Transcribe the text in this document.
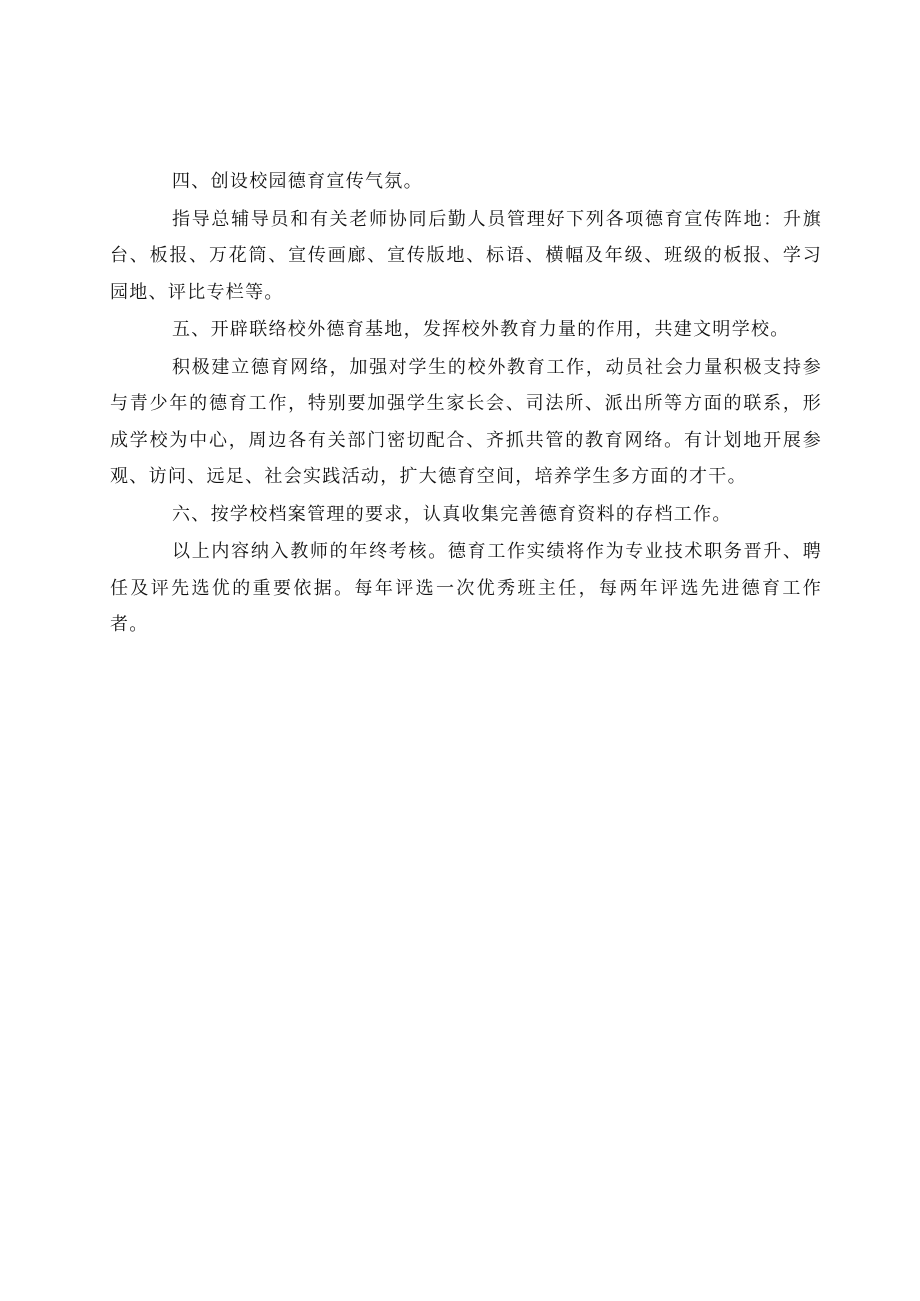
四、创设校园德育宣传气氛。

指导总辅导员和有关老师协同后勤人员管理好下列各项德育宣传阵地：升旗台、板报、万花筒、宣传画廊、宣传版地、标语、横幅及年级、班级的板报、学习园地、评比专栏等。

五、开辟联络校外德育基地，发挥校外教育力量的作用，共建文明学校。

积极建立德育网络，加强对学生的校外教育工作，动员社会力量积极支持参与青少年的德育工作，特别要加强学生家长会、司法所、派出所等方面的联系，形成学校为中心，周边各有关部门密切配合、齐抓共管的教育网络。有计划地开展参观、访问、远足、社会实践活动，扩大德育空间，培养学生多方面的才干。

六、按学校档案管理的要求，认真收集完善德育资料的存档工作。

以上内容纳入教师的年终考核。德育工作实绩将作为专业技术职务晋升、聘任及评先选优的重要依据。每年评选一次优秀班主任，每两年评选先进德育工作者。
